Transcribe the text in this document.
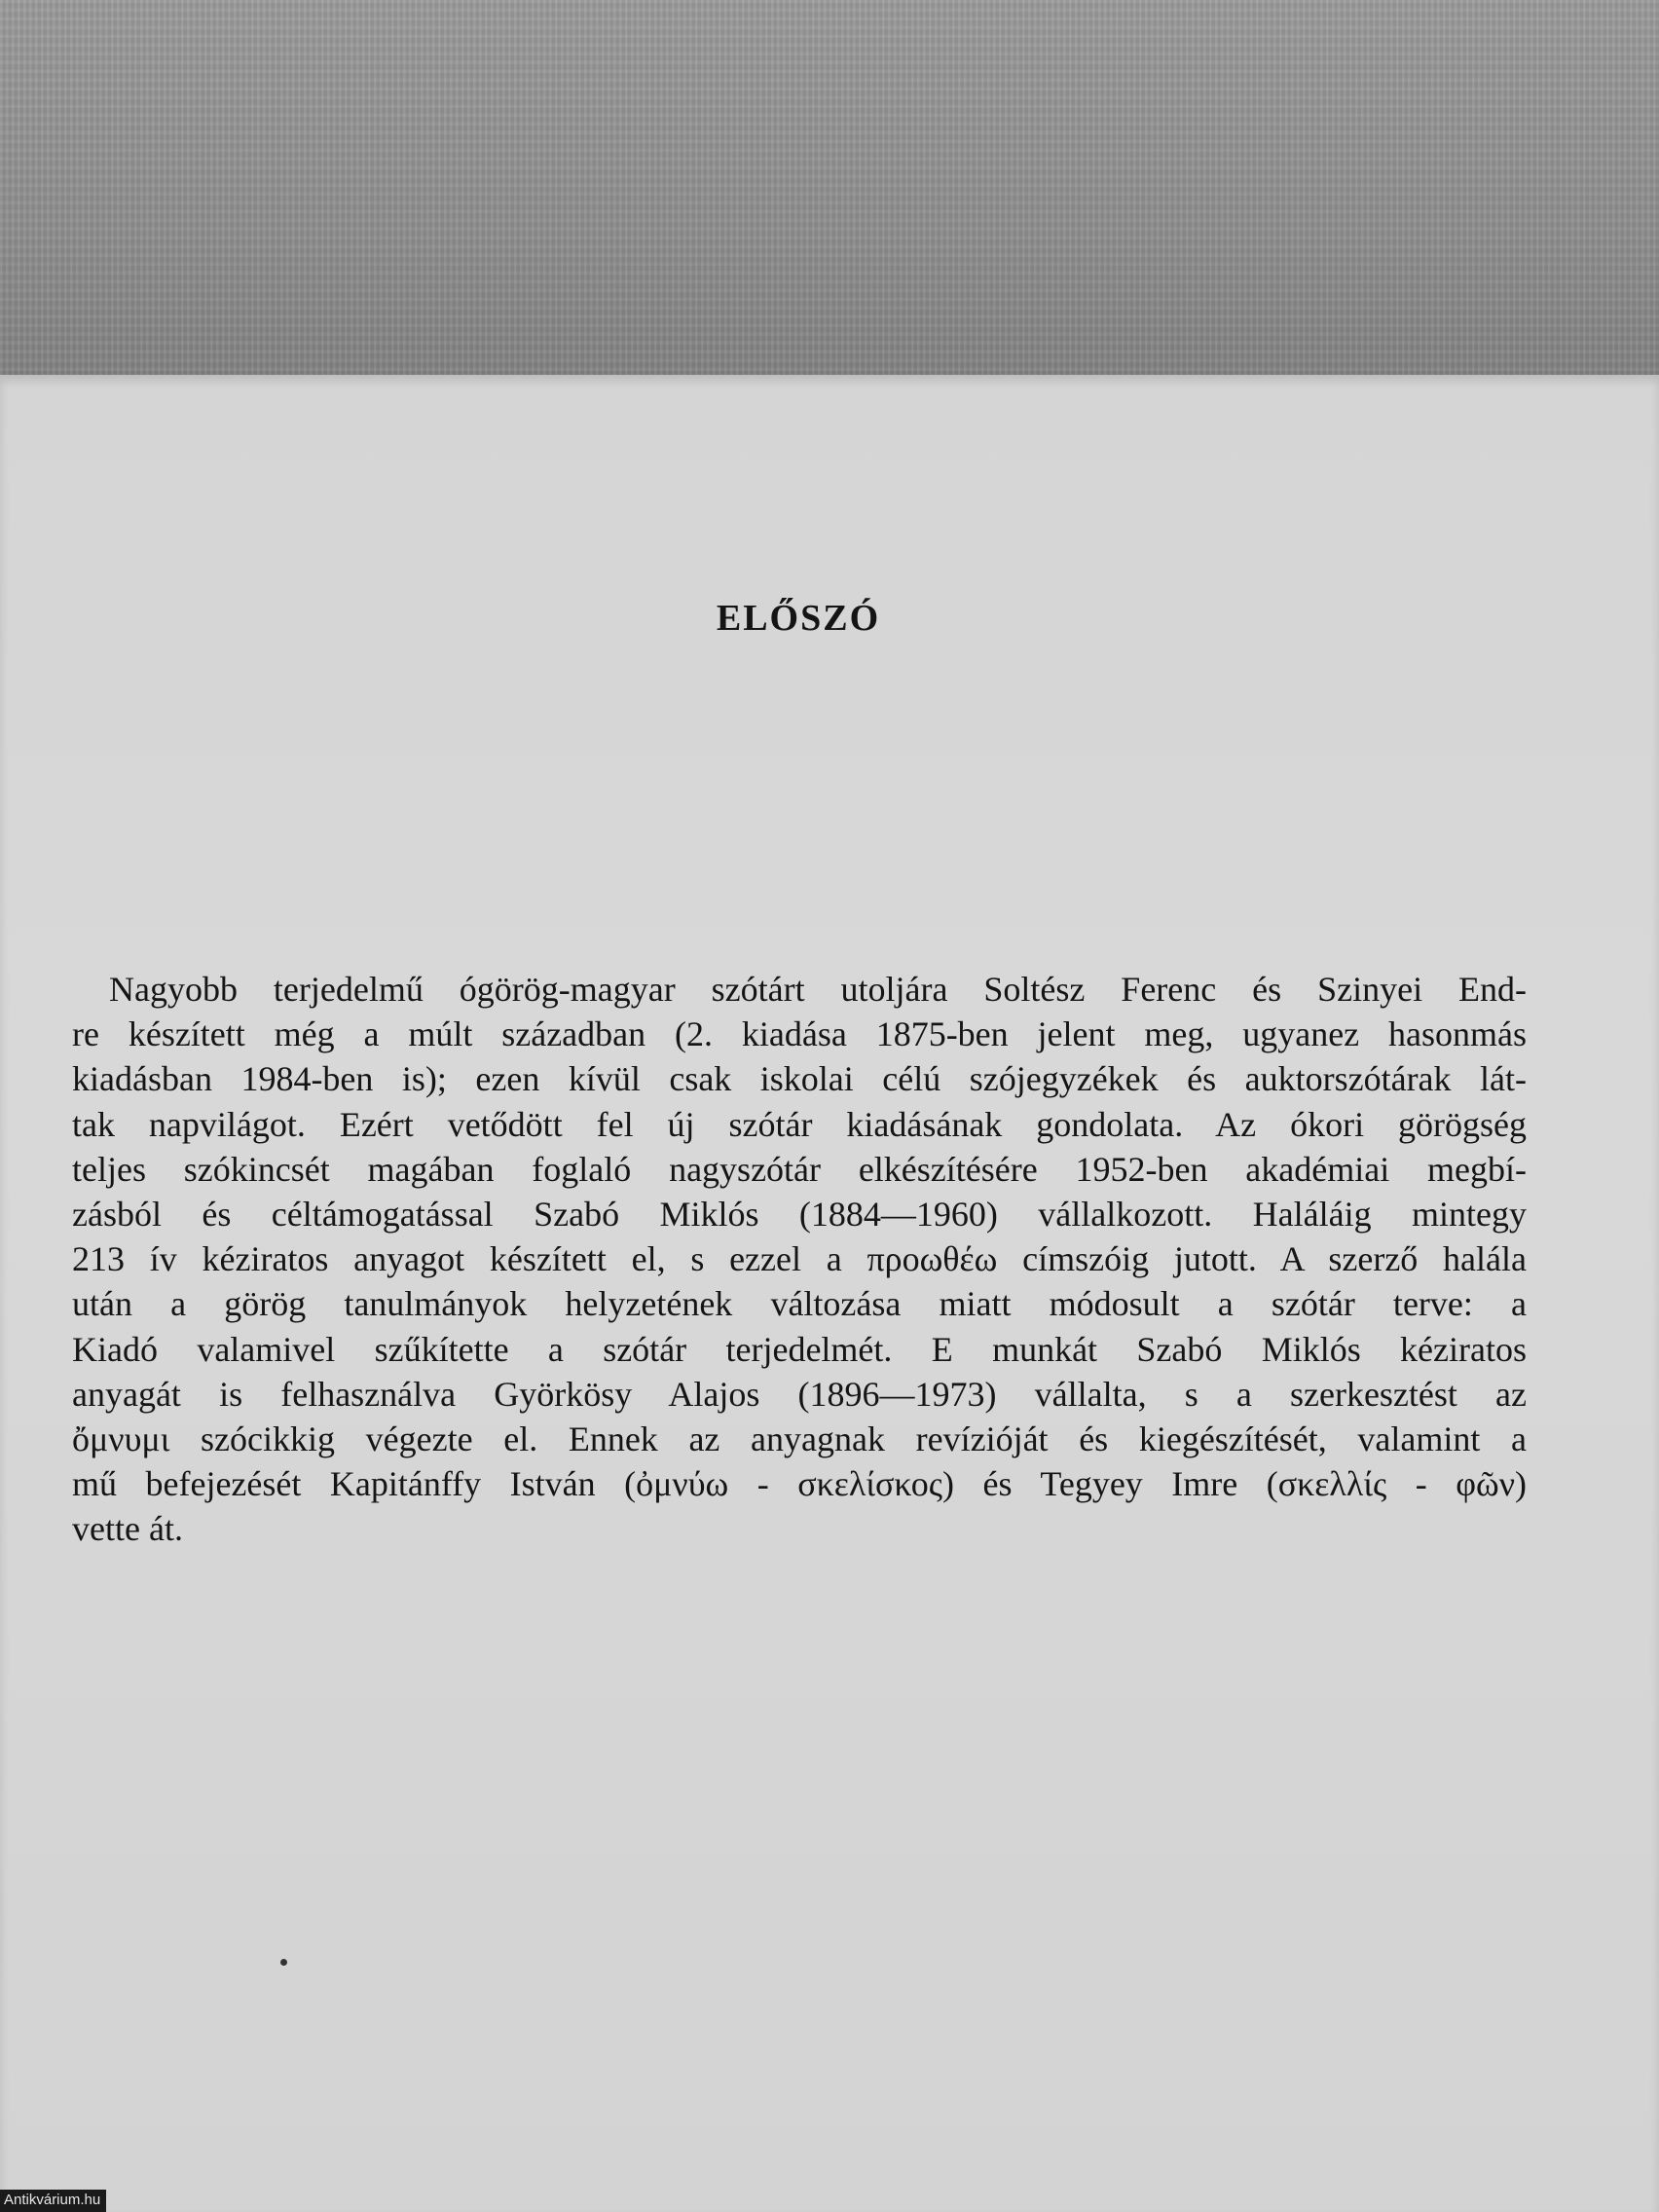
ELŐSZÓ

Nagyobb terjedelmű ógörög-magyar szótárt utoljára Soltész Ferenc és Szinyei End-
re készített még a múlt században (2. kiadása 1875-ben jelent meg, ugyanez hasonmás
kiadásban 1984-ben is); ezen kívül csak iskolai célú szójegyzékek és auktorszótárak lát-
tak napvilágot. Ezért vetődött fel új szótár kiadásának gondolata. Az ókori görögség
teljes szókincsét magában foglaló nagyszótár elkészítésére 1952-ben akadémiai megbí-
zásból és céltámogatással Szabó Miklós (1884—1960) vállalkozott. Haláláig mintegy
213 ív kéziratos anyagot készített el, s ezzel a προωθέω címszóig jutott. A szerző halála
után a görög tanulmányok helyzetének változása miatt módosult a szótár terve: a
Kiadó valamivel szűkítette a szótár terjedelmét. E munkát Szabó Miklós kéziratos
anyagát is felhasználva Györkösy Alajos (1896—1973) vállalta, s a szerkesztést az
ὄμνυμι szócikkig végezte el. Ennek az anyagnak revízióját és kiegészítését, valamint a
mű befejezését Kapitánffy István (ὀμνύω - σκελίσκος) és Tegyey Imre (σκελλίς - φῶν)
vette át.

Antikvárium.hu
